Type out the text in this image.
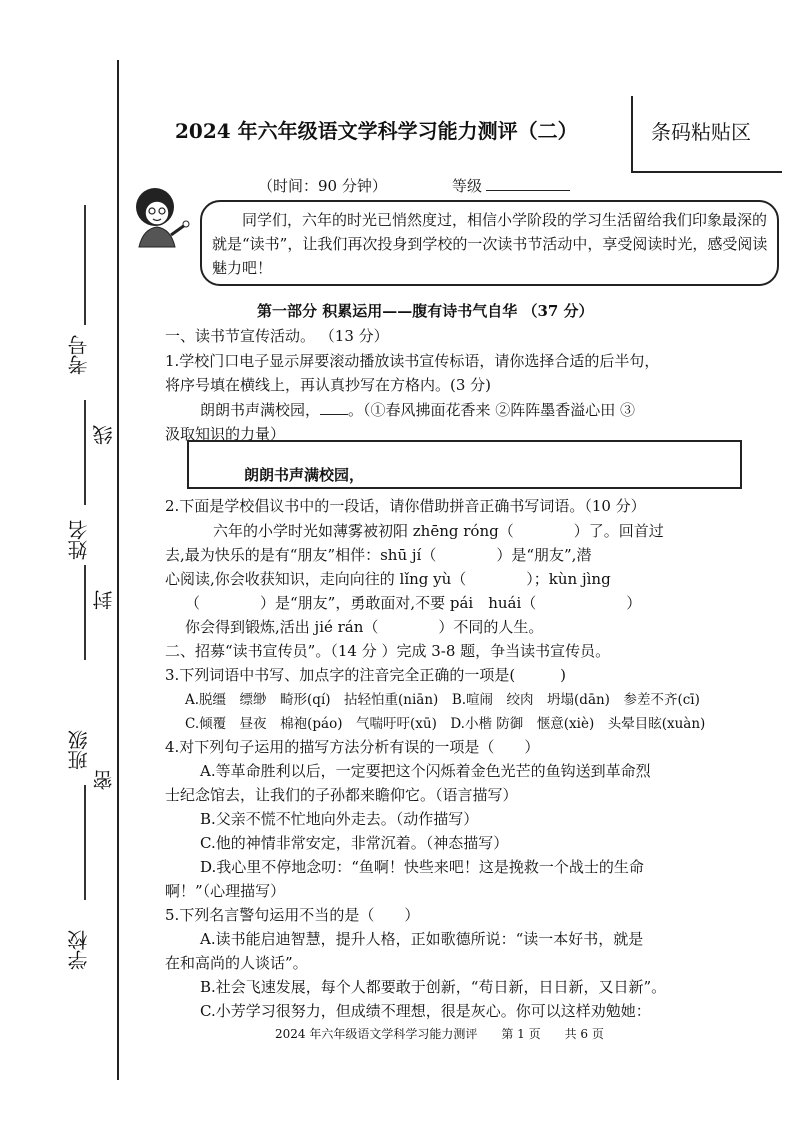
考号
线
姓名
封
班级
密
学校
2024 年六年级语文学科学习能力测评（二）	条码粘贴区
（时间：90 分钟）	等级
同学们，六年的时光已悄然度过，相信小学阶段的学习生活留给我们印象最深的就是“读书”，让我们再次投身到学校的一次读书节活动中，享受阅读时光，感受阅读魅力吧！
第一部分 积累运用——腹有诗书气自华 （37 分）
一、读书节宣传活动。 （13 分）
1.学校门口电子显示屏要滚动播放读书宣传标语，请你选择合适的后半句，
将序号填在横线上，再认真抄写在方格内。(3 分)
朗朗书声满校园， 。（①春风拂面花香来 ②阵阵墨香溢心田 ③
汲取知识的力量）
朗朗书声满校园，
2.下面是学校倡议书中的一段话，请你借助拼音正确书写词语。（10 分）
六年的小学时光如薄雾被初阳 zhēng róng（　　　　）了。回首过
去,最为快乐的是有“朋友”相伴：shū jí（　　　　）是“朋友”,潜
心阅读,你会收获知识，走向向往的 lǐng yù（　　　　）；kùn jìng
（　　　　）是“朋友”，勇敢面对,不要 pái　huái（　　　　　　）
你会得到锻炼,活出 jié rán（　　　　）不同的人生。
二、招募“读书宣传员”。（14 分 ）完成 3-8 题，争当读书宣传员。
3.下列词语中书写、加点字的注音完全正确的一项是(　　　)
A.脱缰　缥缈　畸形(qí)　拈轻怕重(niān)　B.喧闹　绞肉　坍塌(dān)　参差不齐(cī)
C.倾覆　昼夜　棉袍(páo)　气喘吁吁(xū)　D.小楷 防御　惬意(xiè)　头晕目眩(xuàn)
4.对下列句子运用的描写方法分析有误的一项是（　　）
A.等革命胜利以后，一定要把这个闪烁着金色光芒的鱼钩送到革命烈
士纪念馆去，让我们的子孙都来瞻仰它。（语言描写）
B.父亲不慌不忙地向外走去。（动作描写）
C.他的神情非常安定，非常沉着。（神态描写）
D.我心里不停地念叨：“鱼啊！快些来吧！这是挽救一个战士的生命
啊！”（心理描写）
5.下列名言警句运用不当的是（　　）
A.读书能启迪智慧，提升人格，正如歌德所说：“读一本好书，就是
在和高尚的人谈话”。
B.社会飞速发展，每个人都要敢于创新，“苟日新，日日新，又日新”。
C.小芳学习很努力，但成绩不理想，很是灰心。你可以这样劝勉她：
2024 年六年级语文学科学习能力测评　　第 1 页　　共 6 页
